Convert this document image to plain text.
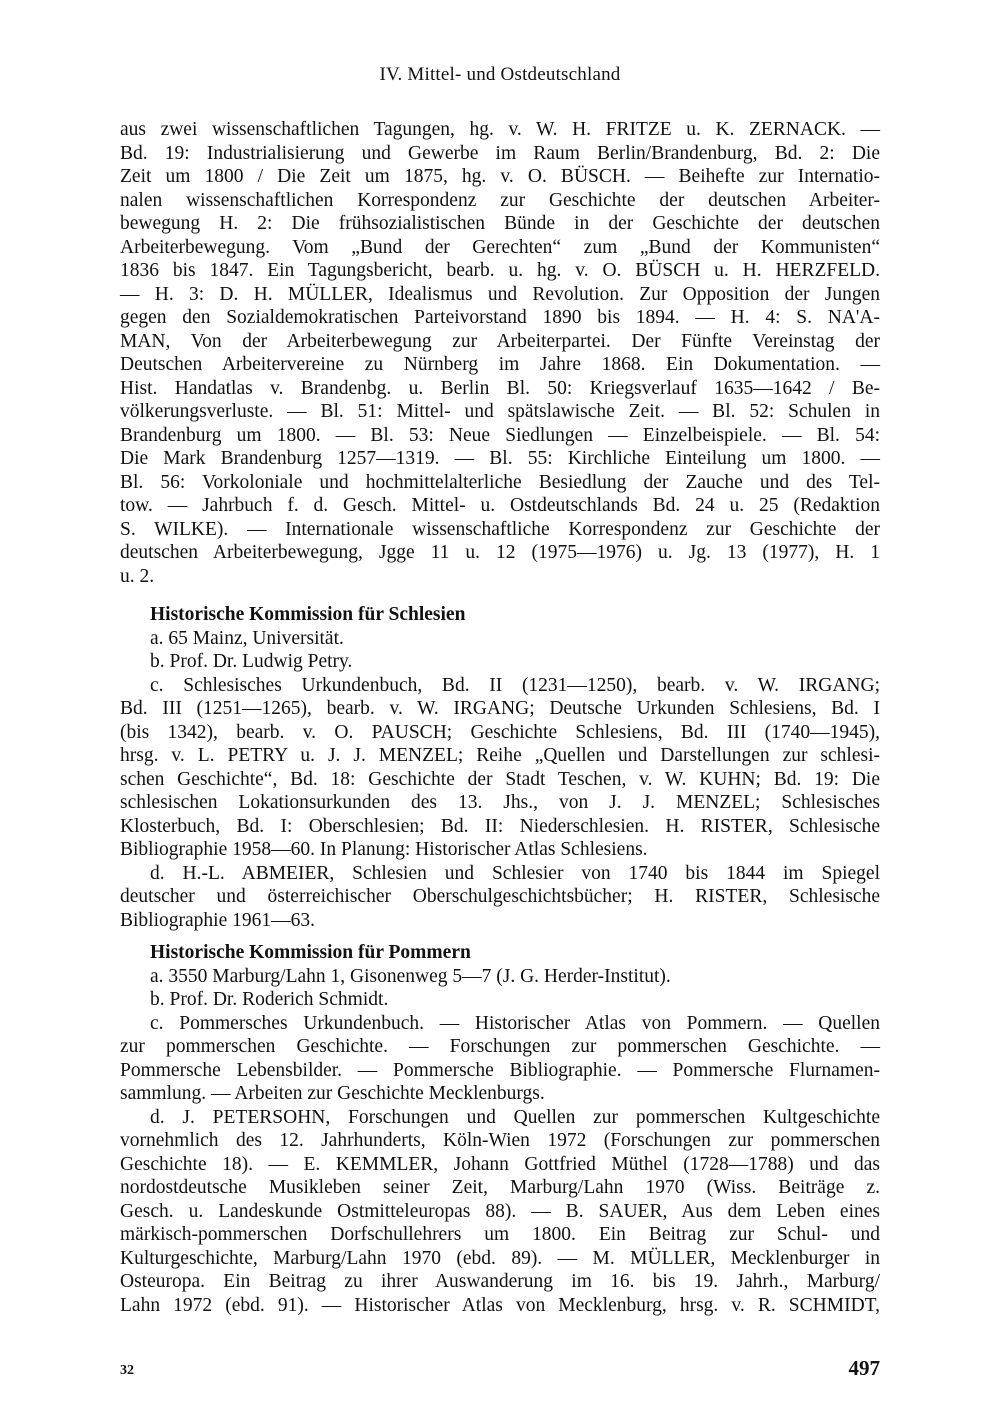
IV. Mittel- und Ostdeutschland
aus zwei wissenschaftlichen Tagungen, hg. v. W. H. FRITZE u. K. ZERNACK. —
Bd. 19: Industrialisierung und Gewerbe im Raum Berlin/Brandenburg, Bd. 2: Die
Zeit um 1800 / Die Zeit um 1875, hg. v. O. BÜSCH. — Beihefte zur Internatio-
nalen wissenschaftlichen Korrespondenz zur Geschichte der deutschen Arbeiter-
bewegung H. 2: Die frühsozialistischen Bünde in der Geschichte der deutschen
Arbeiterbewegung. Vom „Bund der Gerechten“ zum „Bund der Kommunisten“
1836 bis 1847. Ein Tagungsbericht, bearb. u. hg. v. O. BÜSCH u. H. HERZFELD.
— H. 3: D. H. MÜLLER, Idealismus und Revolution. Zur Opposition der Jungen
gegen den Sozialdemokratischen Parteivorstand 1890 bis 1894. — H. 4: S. NA'A-
MAN, Von der Arbeiterbewegung zur Arbeiterpartei. Der Fünfte Vereinstag der
Deutschen Arbeitervereine zu Nürnberg im Jahre 1868. Ein Dokumentation. —
Hist. Handatlas v. Brandenbg. u. Berlin Bl. 50: Kriegsverlauf 1635—1642 / Be-
völkerungsverluste. — Bl. 51: Mittel- und spätslawische Zeit. — Bl. 52: Schulen in
Brandenburg um 1800. — Bl. 53: Neue Siedlungen — Einzelbeispiele. — Bl. 54:
Die Mark Brandenburg 1257—1319. — Bl. 55: Kirchliche Einteilung um 1800. —
Bl. 56: Vorkoloniale und hochmittelalterliche Besiedlung der Zauche und des Tel-
tow. — Jahrbuch f. d. Gesch. Mittel- u. Ostdeutschlands Bd. 24 u. 25 (Redaktion
S. WILKE). — Internationale wissenschaftliche Korrespondenz zur Geschichte der
deutschen Arbeiterbewegung, Jgge 11 u. 12 (1975—1976) u. Jg. 13 (1977), H. 1
u. 2.
Historische Kommission für Schlesien
a. 65 Mainz, Universität.
b. Prof. Dr. Ludwig Petry.
c. Schlesisches Urkundenbuch, Bd. II (1231—1250), bearb. v. W. IRGANG;
Bd. III (1251—1265), bearb. v. W. IRGANG; Deutsche Urkunden Schlesiens, Bd. I
(bis 1342), bearb. v. O. PAUSCH; Geschichte Schlesiens, Bd. III (1740—1945),
hrsg. v. L. PETRY u. J. J. MENZEL; Reihe „Quellen und Darstellungen zur schlesi-
schen Geschichte“, Bd. 18: Geschichte der Stadt Teschen, v. W. KUHN; Bd. 19: Die
schlesischen Lokationsurkunden des 13. Jhs., von J. J. MENZEL; Schlesisches
Klosterbuch, Bd. I: Oberschlesien; Bd. II: Niederschlesien. H. RISTER, Schlesische
Bibliographie 1958—60. In Planung: Historischer Atlas Schlesiens.
d. H.-L. ABMEIER, Schlesien und Schlesier von 1740 bis 1844 im Spiegel
deutscher und österreichischer Oberschulgeschichtsbücher; H. RISTER, Schlesische
Bibliographie 1961—63.
Historische Kommission für Pommern
a. 3550 Marburg/Lahn 1, Gisonenweg 5—7 (J. G. Herder-Institut).
b. Prof. Dr. Roderich Schmidt.
c. Pommersches Urkundenbuch. — Historischer Atlas von Pommern. — Quellen
zur pommerschen Geschichte. — Forschungen zur pommerschen Geschichte. —
Pommersche Lebensbilder. — Pommersche Bibliographie. — Pommersche Flurnamen-
sammlung. — Arbeiten zur Geschichte Mecklenburgs.
d. J. PETERSOHN, Forschungen und Quellen zur pommerschen Kultgeschichte
vornehmlich des 12. Jahrhunderts, Köln-Wien 1972 (Forschungen zur pommerschen
Geschichte 18). — E. KEMMLER, Johann Gottfried Müthel (1728—1788) und das
nordostdeutsche Musikleben seiner Zeit, Marburg/Lahn 1970 (Wiss. Beiträge z.
Gesch. u. Landeskunde Ostmitteleuropas 88). — B. SAUER, Aus dem Leben eines
märkisch-pommerschen Dorfschullehrers um 1800. Ein Beitrag zur Schul- und
Kulturgeschichte, Marburg/Lahn 1970 (ebd. 89). — M. MÜLLER, Mecklenburger in
Osteuropa. Ein Beitrag zu ihrer Auswanderung im 16. bis 19. Jahrh., Marburg/
Lahn 1972 (ebd. 91). — Historischer Atlas von Mecklenburg, hrsg. v. R. SCHMIDT,
32	497
